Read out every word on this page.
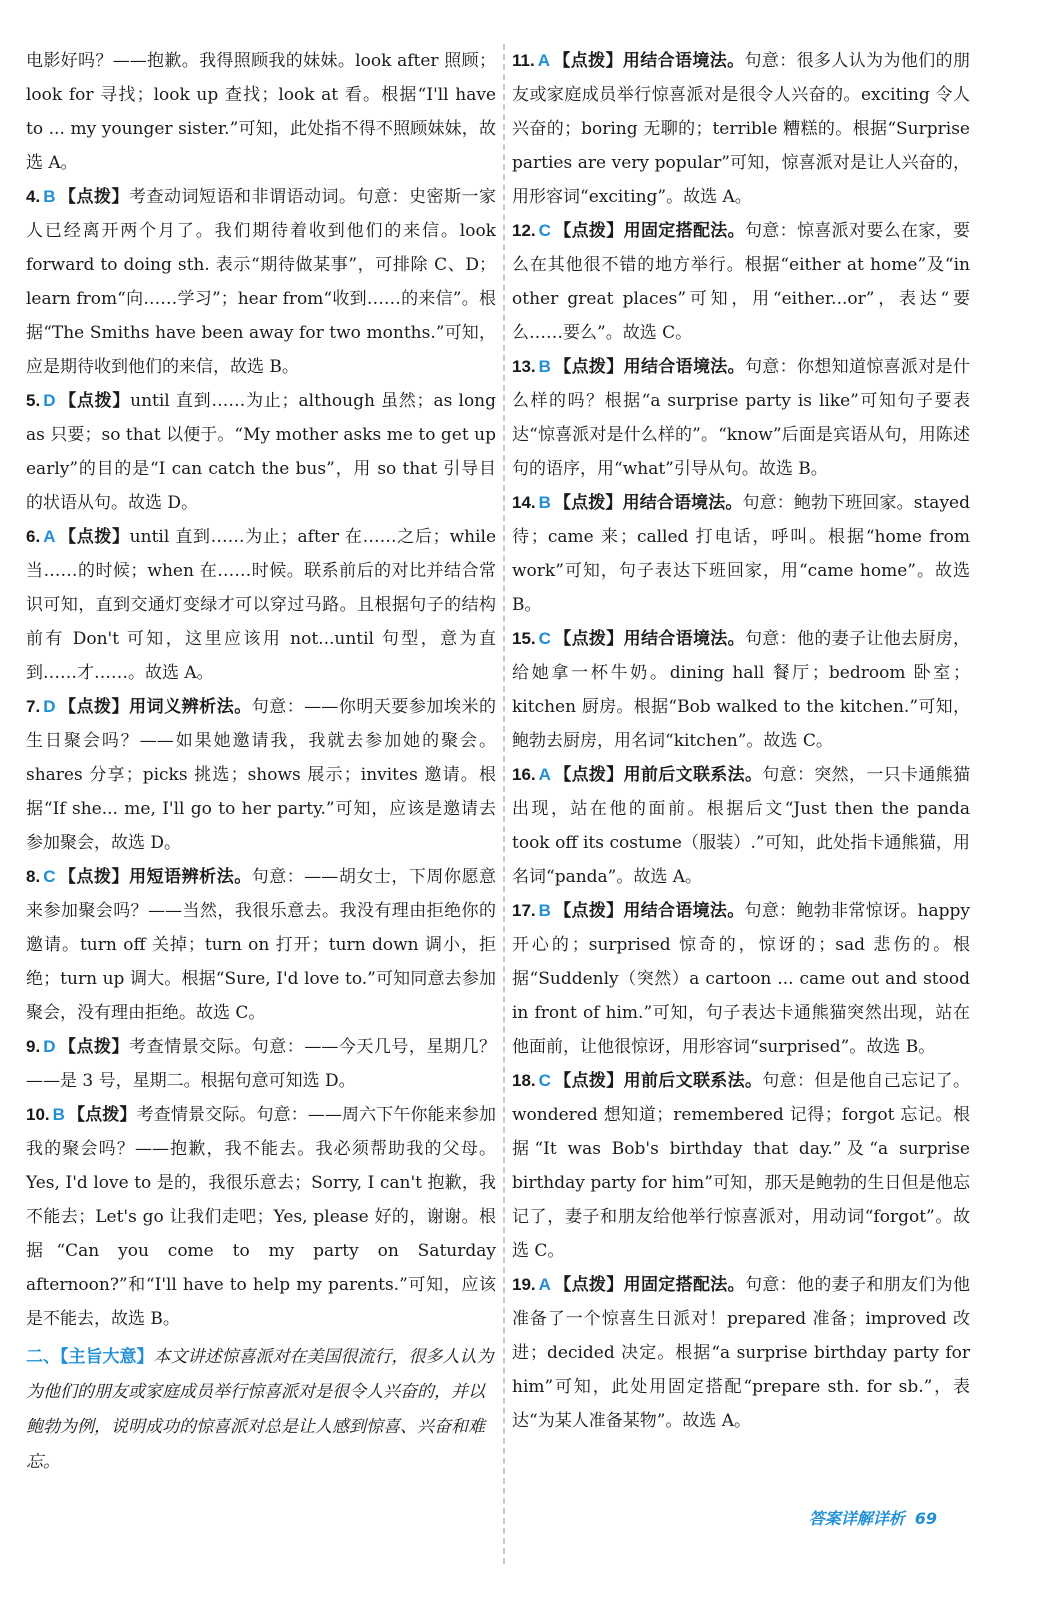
电影好吗？——抱歉。我得照顾我的妹妹。look after 照顾；look for 寻找；look up 查找；look at 看。根据“I'll have to ... my younger sister.”可知，此处指不得不照顾妹妹，故选 A。

4. B 【点拨】考查动词短语和非谓语动词。句意：史密斯一家人已经离开两个月了。我们期待着收到他们的来信。look forward to doing sth. 表示“期待做某事”，可排除 C、D；learn from“向……学习”；hear from“收到……的来信”。根据“The Smiths have been away for two months.”可知，应是期待收到他们的来信，故选 B。

5. D 【点拨】until 直到……为止；although 虽然；as long as 只要；so that 以便于。“My mother asks me to get up early”的目的是“I can catch the bus”，用 so that 引导目的状语从句。故选 D。

6. A 【点拨】until 直到……为止；after 在……之后；while 当……的时候；when 在……时候。联系前后的对比并结合常识可知，直到交通灯变绿才可以穿过马路。且根据句子的结构前有 Don't 可知，这里应该用 not...until 句型，意为直到……才……。故选 A。

7. D 【点拨】用词义辨析法。句意：——你明天要参加埃米的生日聚会吗？——如果她邀请我，我就去参加她的聚会。shares 分享；picks 挑选；shows 展示；invites 邀请。根据“If she... me, I'll go to her party.”可知，应该是邀请去参加聚会，故选 D。

8. C 【点拨】用短语辨析法。句意：——胡女士，下周你愿意来参加聚会吗？——当然，我很乐意去。我没有理由拒绝你的邀请。turn off 关掉；turn on 打开；turn down 调小，拒绝；turn up 调大。根据“Sure, I'd love to.”可知同意去参加聚会，没有理由拒绝。故选 C。

9. D 【点拨】考查情景交际。句意：——今天几号，星期几？——是 3 号，星期二。根据句意可知选 D。

10. B 【点拨】考查情景交际。句意：——周六下午你能来参加我的聚会吗？——抱歉，我不能去。我必须帮助我的父母。Yes, I'd love to 是的，我很乐意去；Sorry, I can't 抱歉，我不能去；Let's go 让我们走吧；Yes, please 好的，谢谢。根据“Can you come to my party on Saturday afternoon?”和“I'll have to help my parents.”可知，应该是不能去，故选 B。

二、【主旨大意】本文讲述惊喜派对在美国很流行，很多人认为为他们的朋友或家庭成员举行惊喜派对是很令人兴奋的，并以鲍勃为例，说明成功的惊喜派对总是让人感到惊喜、兴奋和难忘。

11. A 【点拨】用结合语境法。句意：很多人认为为他们的朋友或家庭成员举行惊喜派对是很令人兴奋的。exciting 令人兴奋的；boring 无聊的；terrible 糟糕的。根据“Surprise parties are very popular”可知，惊喜派对是让人兴奋的，用形容词“exciting”。故选 A。

12. C 【点拨】用固定搭配法。句意：惊喜派对要么在家，要么在其他很不错的地方举行。根据“either at home”及“in other great places”可知，用“either...or”，表达“要么……要么”。故选 C。

13. B 【点拨】用结合语境法。句意：你想知道惊喜派对是什么样的吗？根据“a surprise party is like”可知句子要表达“惊喜派对是什么样的”。“know”后面是宾语从句，用陈述句的语序，用“what”引导从句。故选 B。

14. B 【点拨】用结合语境法。句意：鲍勃下班回家。stayed 待；came 来；called 打电话，呼叫。根据“home from work”可知，句子表达下班回家，用“came home”。故选 B。

15. C 【点拨】用结合语境法。句意：他的妻子让他去厨房，给她拿一杯牛奶。dining hall 餐厅；bedroom 卧室；kitchen 厨房。根据“Bob walked to the kitchen.”可知，鲍勃去厨房，用名词“kitchen”。故选 C。

16. A 【点拨】用前后文联系法。句意：突然，一只卡通熊猫出现，站在他的面前。根据后文“Just then the panda took off its costume（服装）.”可知，此处指卡通熊猫，用名词“panda”。故选 A。

17. B 【点拨】用结合语境法。句意：鲍勃非常惊讶。happy 开心的；surprised 惊奇的，惊讶的；sad 悲伤的。根据“Suddenly（突然）a cartoon ... came out and stood in front of him.”可知，句子表达卡通熊猫突然出现，站在他面前，让他很惊讶，用形容词“surprised”。故选 B。

18. C 【点拨】用前后文联系法。句意：但是他自己忘记了。wondered 想知道；remembered 记得；forgot 忘记。根据“It was Bob's birthday that day.”及“a surprise birthday party for him”可知，那天是鲍勃的生日但是他忘记了，妻子和朋友给他举行惊喜派对，用动词“forgot”。故选 C。

19. A 【点拨】用固定搭配法。句意：他的妻子和朋友们为他准备了一个惊喜生日派对！prepared 准备；improved 改进；decided 决定。根据“a surprise birthday party for him”可知，此处用固定搭配“prepare sth. for sb.”，表达“为某人准备某物”。故选 A。

答案详解详析 69
